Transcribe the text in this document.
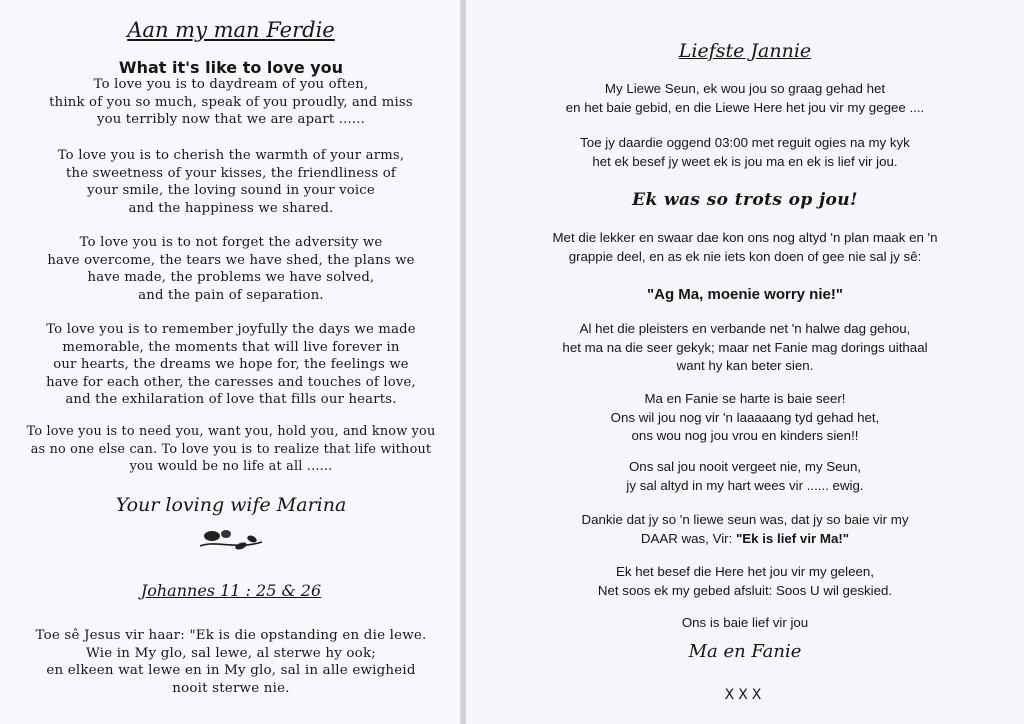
Aan my man Ferdie
What it's like to love you
To love you is to daydream of you often,
think of you so much, speak of you proudly, and miss
you terribly now that we are apart ......
To love you is to cherish the warmth of your arms,
the sweetness of your kisses, the friendliness of
your smile, the loving sound in your voice
and the happiness we shared.
To love you is to not forget the adversity we
have overcome, the tears we have shed, the plans we
have made, the problems we have solved,
and the pain of separation.
To love you is to remember joyfully the days we made
memorable, the moments that will live forever in
our hearts, the dreams we hope for, the feelings we
have for each other, the caresses and touches of love,
and the exhilaration of love that fills our hearts.
To love you is to need you, want you, hold you, and know you
as no one else can. To love you is to realize that life without
you would be no life at all ......
Your loving wife Marina
Johannes 11 : 25 & 26
Toe sê Jesus vir haar: "Ek is die opstanding en die lewe.
Wie in My glo, sal lewe, al sterwe hy ook;
en elkeen wat lewe en in My glo, sal in alle ewigheid
nooit sterwe nie.
Liefste Jannie
My Liewe Seun, ek wou jou so graag gehad het
en het baie gebid, en die Liewe Here het jou vir my gegee ....
Toe jy daardie oggend 03:00 met reguit ogies na my kyk
het ek besef jy weet ek is jou ma en ek is lief vir jou.
Ek was so trots op jou!
Met die lekker en swaar dae kon ons nog altyd 'n plan maak en 'n
grappie deel, en as ek nie iets kon doen of gee nie sal jy sê:
"Ag Ma, moenie worry nie!"
Al het die pleisters en verbande net 'n halwe dag gehou,
het ma na die seer gekyk; maar net Fanie mag dorings uithaal
want hy kan beter sien.
Ma en Fanie se harte is baie seer!
Ons wil jou nog vir 'n laaaaang tyd gehad het,
ons wou nog jou vrou en kinders sien!!
Ons sal jou nooit vergeet nie, my Seun,
jy sal altyd in my hart wees vir ...... ewig.
Dankie dat jy so 'n liewe seun was, dat jy so baie vir my
DAAR was, Vir: "Ek is lief vir Ma!"
Ek het besef die Here het jou vir my geleen,
Net soos ek my gebed afsluit: Soos U wil geskied.
Ons is baie lief vir jou
Ma en Fanie
XXX
